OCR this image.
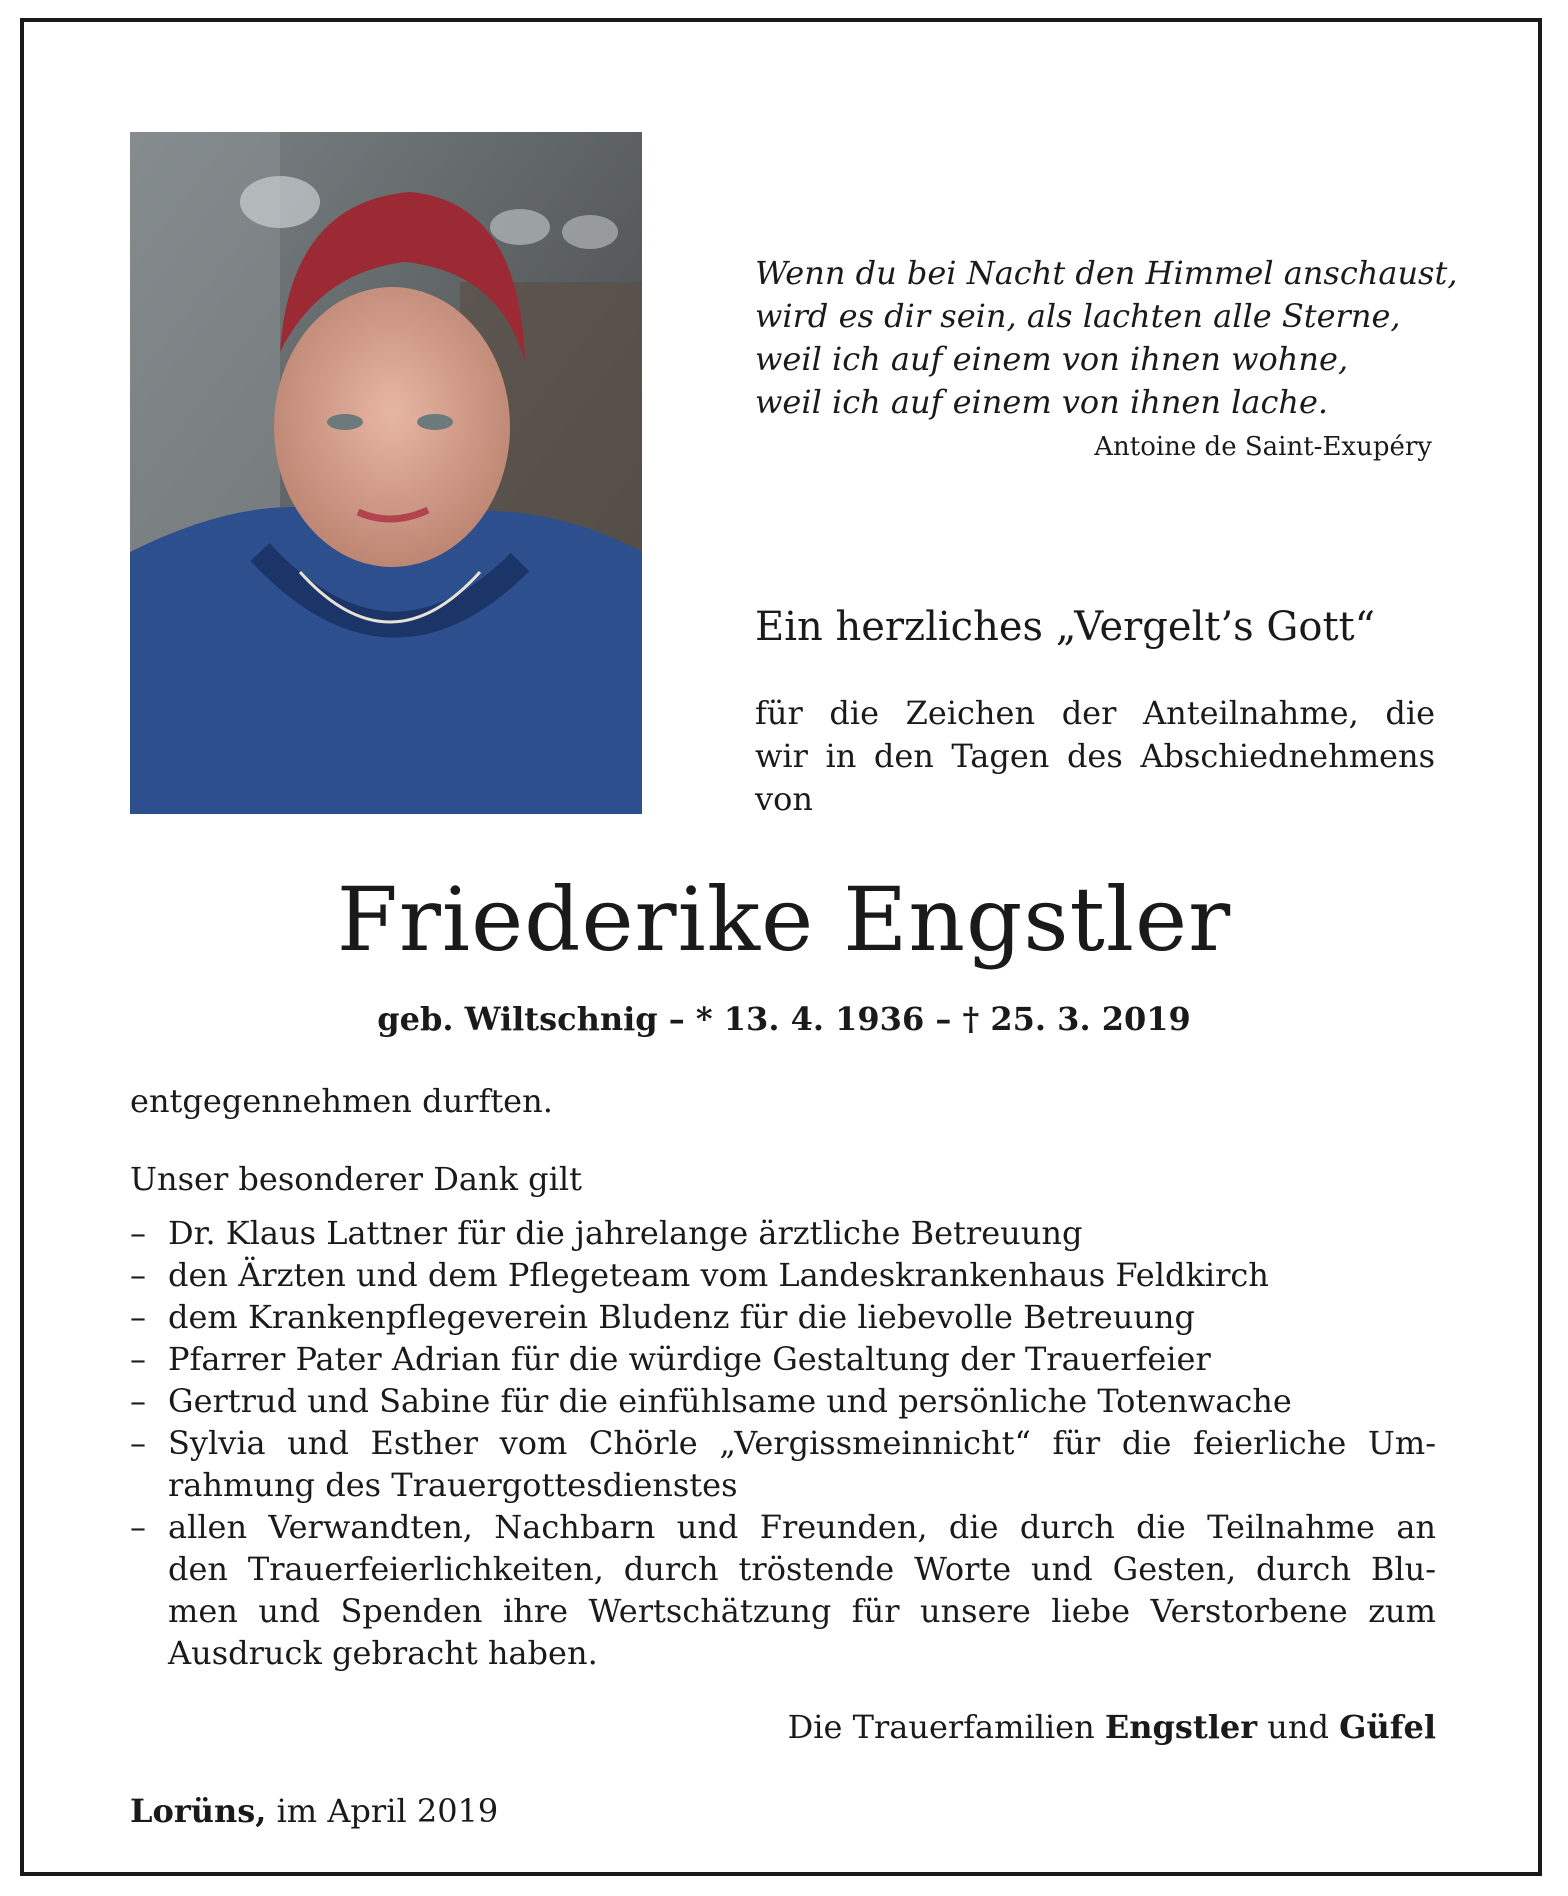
Wenn du bei Nacht den Himmel anschaust,
wird es dir sein, als lachten alle Sterne,
weil ich auf einem von ihnen wohne,
weil ich auf einem von ihnen lache.
Antoine de Saint-Exupéry
Ein herzliches „Vergelt’s Gott“
für die Zeichen der Anteilnahme, die
wir in den Tagen des Abschiednehmens
von
Friederike Engstler
geb. Wiltschnig – * 13. 4. 1936 – † 25. 3. 2019
entgegennehmen durften.
Unser besonderer Dank gilt
– Dr. Klaus Lattner für die jahrelange ärztliche Betreuung
– den Ärzten und dem Pflegeteam vom Landeskrankenhaus Feldkirch
– dem Krankenpflegeverein Bludenz für die liebevolle Betreuung
– Pfarrer Pater Adrian für die würdige Gestaltung der Trauerfeier
– Gertrud und Sabine für die einfühlsame und persönliche Totenwache
– Sylvia und Esther vom Chörle „Vergissmeinnicht“ für die feierliche Um-
rahmung des Trauergottesdienstes
– allen Verwandten, Nachbarn und Freunden, die durch die Teilnahme an
den Trauerfeierlichkeiten, durch tröstende Worte und Gesten, durch Blu-
men und Spenden ihre Wertschätzung für unsere liebe Verstorbene zum
Ausdruck gebracht haben.
Die Trauerfamilien Engstler und Güfel
Lorüns, im April 2019
